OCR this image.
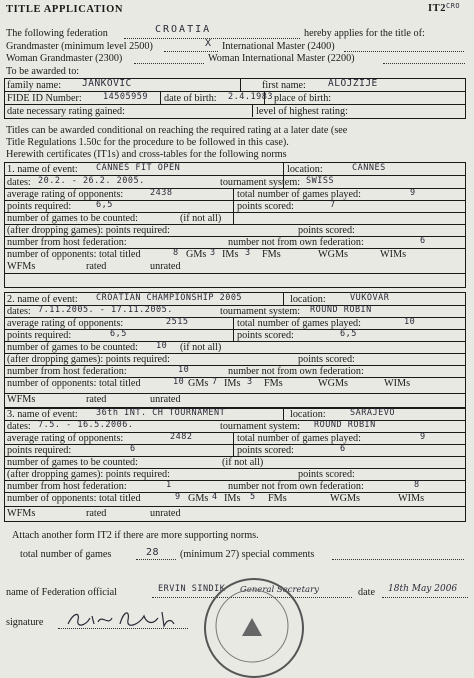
TITLE APPLICATION	IT2 CRO
The following federation	CROATIA	hereby applies for the title of:
Grandmaster (minimum level 2500)	X International Master (2400)
Woman Grandmaster (2300)	Woman International Master (2200)
To be awarded to:
family name: JANKOVIC	first name: ALOJZIJE
FIDE ID Number:	14505959 date of birth: 2.4.1983.
place of birth:
date necessary rating gained:	level of highest rating:
Titles can be awarded conditional on reaching the required rating at a later date (see
Title Regulations 1.50c for the procedure to be followed in this case).
Herewith certificates (IT1s) and cross-tables for the following norms
1. name of event: CANNES FIT OPEN	location:	CANNES
dates: 20.2. - 26.2. 2005.	tournament system: SWISS
average rating of opponents:	2438	total number of games played:	9
points required:	6,5	points scored:	7
number of games to be counted:	(if not all)
(after dropping games): points required:	points scored:
number from host federation:	number not from own federation:	6
number of opponents: total titled	8 GMs 3 IMs 3 FMs	WGMs	WIMs
WFMs	rated	unrated
2. name of event: CROATIAN CHAMPIONSHIP 2005	location:	VUKOVAR
dates: 7.11.2005. - 17.11.2005.	tournament system: ROUND ROBIN
average rating of opponents:	2515	total number of games played:	10
points required:	6,5	points scored:	6,5
number of games to be counted: 10 (if not all)
(after dropping games): points required:	points scored:
number from host federation:	10	number not from own federation:
number of opponents: total titled	10 GMs 7 IMs 3 FMs	WGMs	WIMs
WFMs	rated	unrated
3. name of event: 36th INT. CH TOURNAMENT	location:	SARAJEVO
dates: 7.5. - 16.5.2006.	tournament system: ROUND ROBIN
average rating of opponents:	2482	total number of games played:	9
points required:	6	points scored:	6
number of games to be counted:	(if not all)
(after dropping games): points required:	points scored:
number from host federation:	1	number not from own federation:	8
number of opponents: total titled	9 GMs 4 IMs 5 FMs	WGMs	WIMs
WFMs	rated	unrated
Attach another form IT2 if there are more supporting norms.
total number of games	28 (minimum 27) special comments
name of Federation official	ERVIN SINDIK General Secretary	date 18th May 2006
signature
